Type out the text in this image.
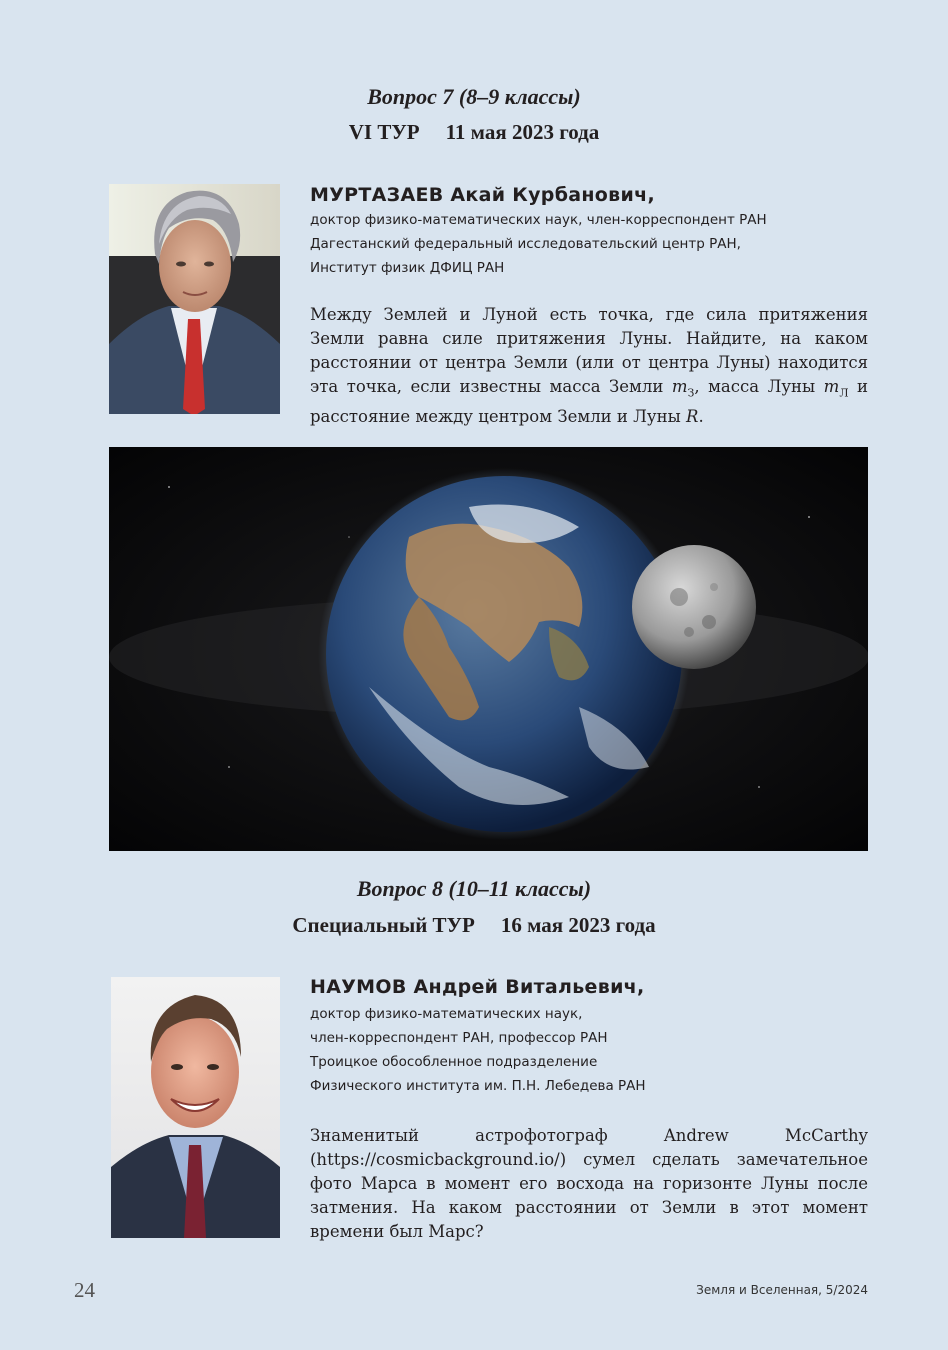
Вопрос 7 (8–9 классы)
VI ТУР 11 мая 2023 года
МУРТАЗАЕВ Акай Курбанович,
доктор физико-математических наук, член-корреспондент РАН
Дагестанский федеральный исследовательский центр РАН,
Институт физик ДФИЦ РАН
Между Землей и Луной есть точка, где сила притяжения Земли равна силе притяжения Луны. Найдите, на каком расстоянии от центра Земли (или от центра Луны) находится эта точка, если известны масса Земли $m_З$, масса Луны $m_Л$ и расстояние между центром Земли и Луны R.
Вопрос 8 (10–11 классы)
Специальный ТУР 16 мая 2023 года
НАУМОВ Андрей Витальевич,
доктор физико-математических наук,
член-корреспондент РАН, профессор РАН
Троицкое обособленное подразделение
Физического института им. П.Н. Лебедева РАН
Знаменитый астрофотограф Andrew McCarthy (https://cosmicbackground.io/) сумел сделать замечательное фото Марса в момент его восхода на горизонте Луны после затмения. На каком расстоянии от Земли в этот момент времени был Марс?
24	Земля и Вселенная, 5/2024
